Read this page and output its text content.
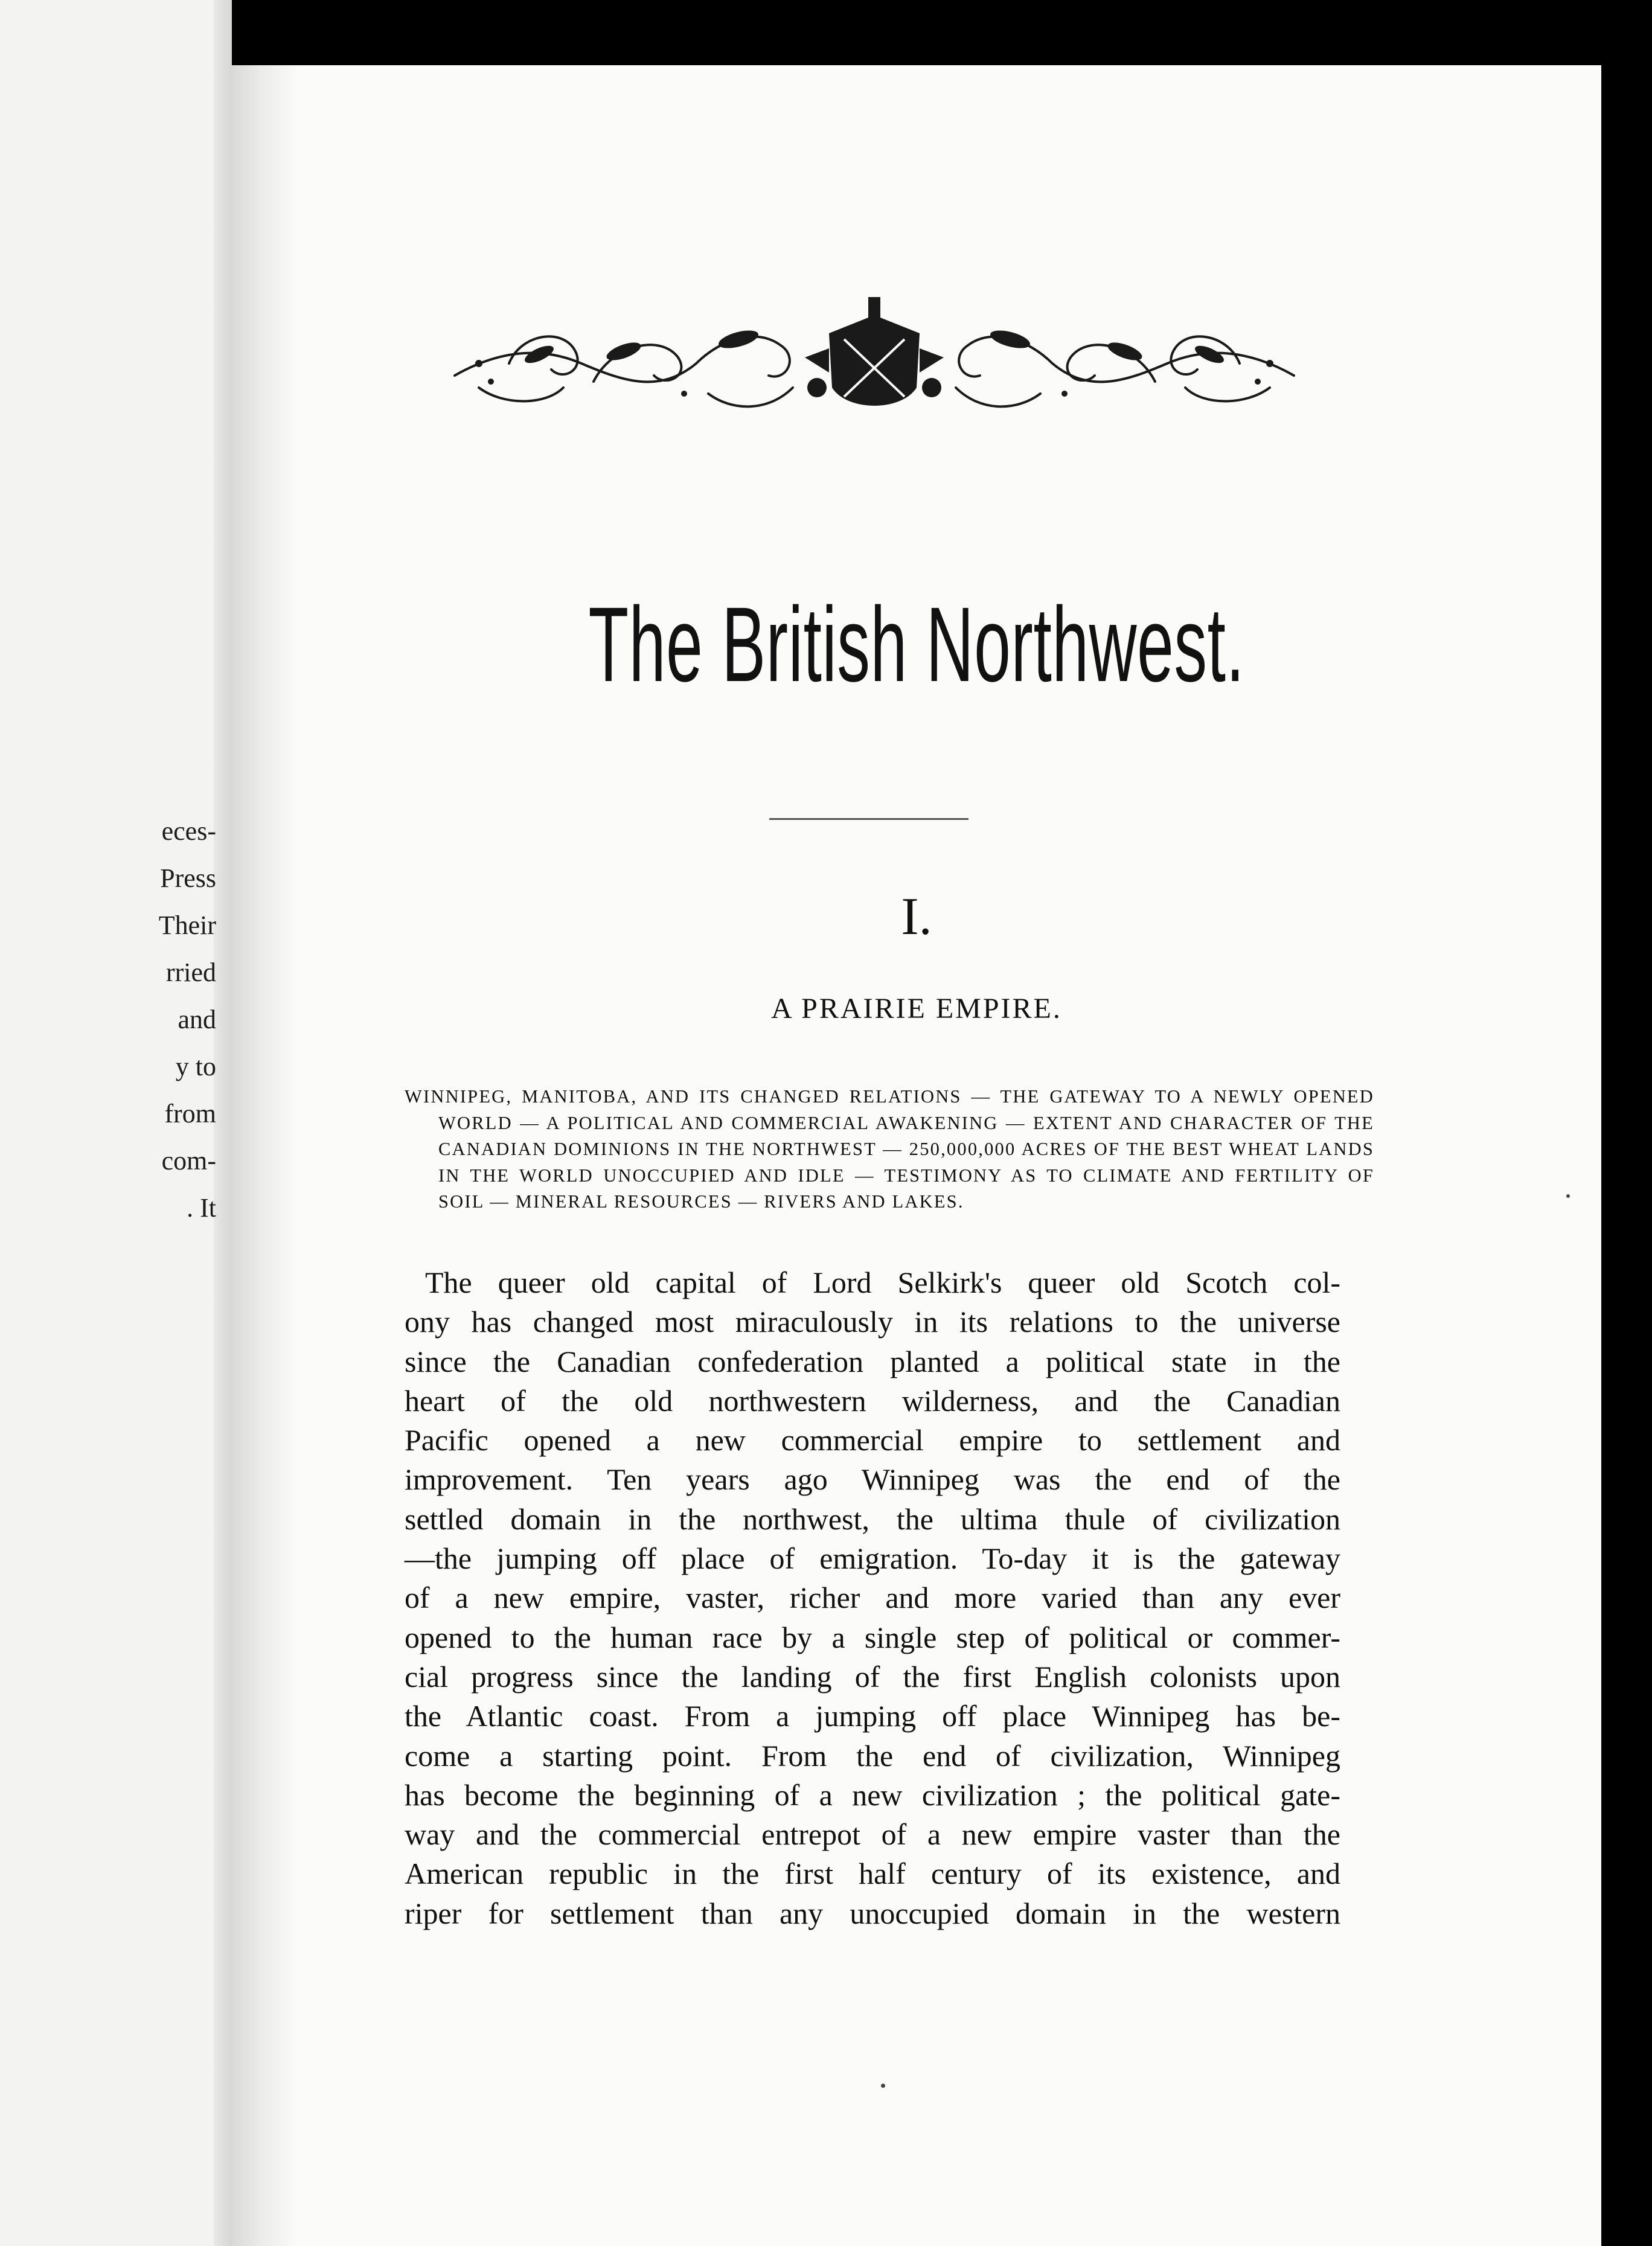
eces-
Press
Their
rried
and
y to
from
com-
. It
The British Northwest.
I.
A PRAIRIE EMPIRE.

WINNIPEG, MANITOBA, AND ITS CHANGED RELATIONS — THE GATEWAY TO A NEWLY OPENED WORLD — A POLITICAL AND COMMERCIAL AWAKENING — EXTENT AND CHARACTER OF THE CANADIAN DOMINIONS IN THE NORTHWEST — 250,000,000 ACRES OF THE BEST WHEAT LANDS IN THE WORLD UNOCCUPIED AND IDLE — TESTIMONY AS TO CLIMATE AND FERTILITY OF SOIL — MINERAL RESOURCES — RIVERS AND LAKES.

The queer old capital of Lord Selkirk's queer old Scotch col-
ony has changed most miraculously in its relations to the universe
since the Canadian confederation planted a political state in the
heart of the old northwestern wilderness, and the Canadian
Pacific opened a new commercial empire to settlement and
improvement. Ten years ago Winnipeg was the end of the
settled domain in the northwest, the ultima thule of civilization
—the jumping off place of emigration. To-day it is the gateway
of a new empire, vaster, richer and more varied than any ever
opened to the human race by a single step of political or commer-
cial progress since the landing of the first English colonists upon
the Atlantic coast. From a jumping off place Winnipeg has be-
come a starting point. From the end of civilization, Winnipeg
has become the beginning of a new civilization ; the political gate-
way and the commercial entrepot of a new empire vaster than the
American republic in the first half century of its existence, and
riper for settlement than any unoccupied domain in the western
